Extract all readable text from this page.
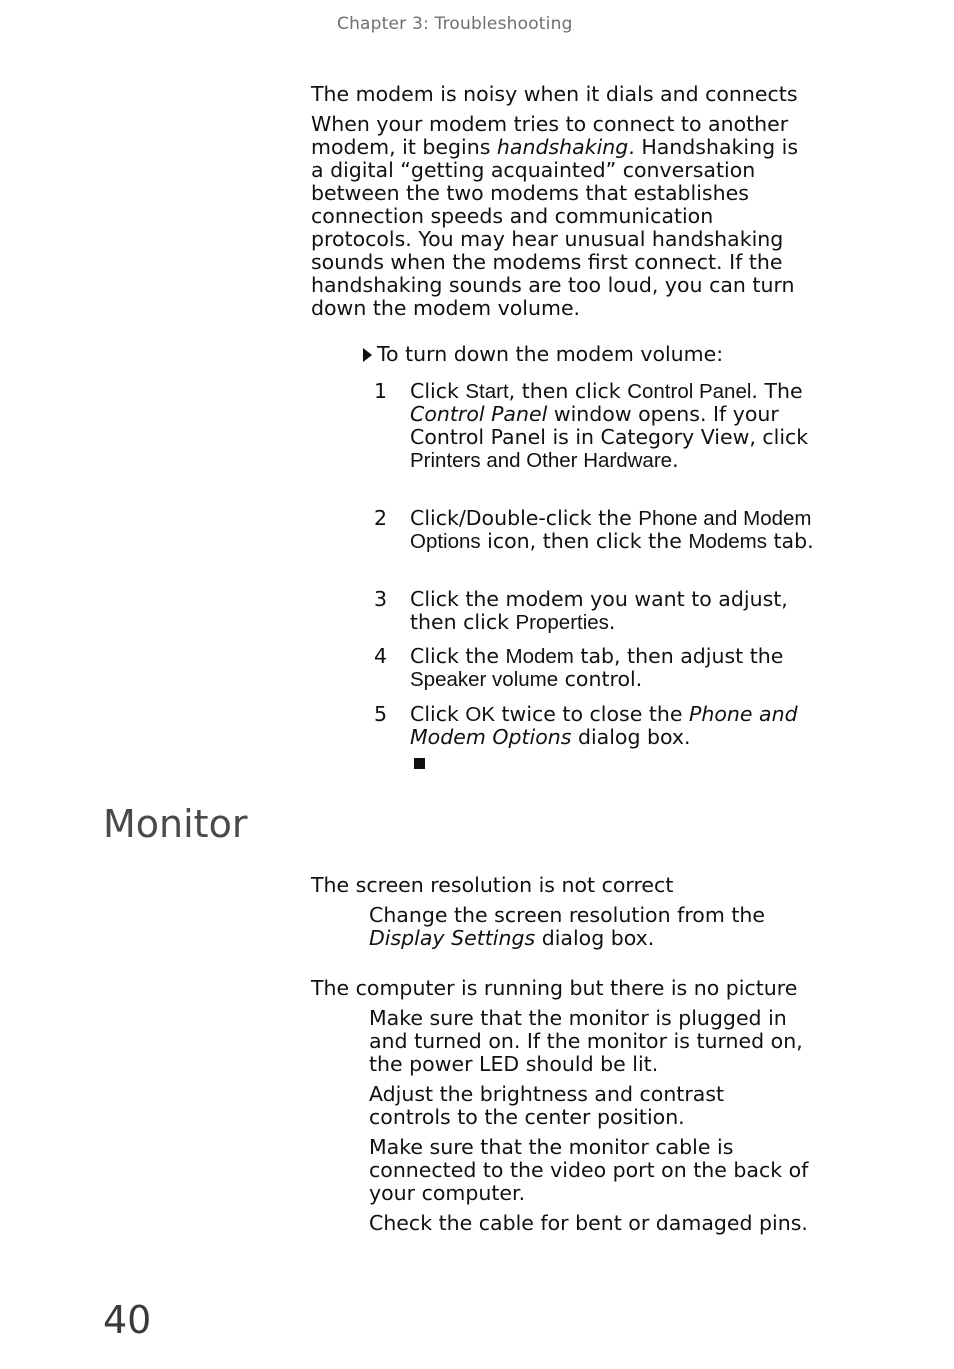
Chapter 3: Troubleshooting
The modem is noisy when it dials and connects
When your modem tries to connect to another modem, it begins handshaking. Handshaking is a digital “getting acquainted” conversation between the two modems that establishes connection speeds and communication protocols. You may hear unusual handshaking sounds when the modems first connect. If the handshaking sounds are too loud, you can turn down the modem volume.
To turn down the modem volume:
1 Click Start, then click Control Panel. The Control Panel window opens. If your Control Panel is in Category View, click Printers and Other Hardware.
2 Click/Double-click the Phone and Modem Options icon, then click the Modems tab.
3 Click the modem you want to adjust, then click Properties.
4 Click the Modem tab, then adjust the Speaker volume control.
5 Click OK twice to close the Phone and Modem Options dialog box.
Monitor
The screen resolution is not correct
Change the screen resolution from the Display Settings dialog box.
The computer is running but there is no picture
Make sure that the monitor is plugged in and turned on. If the monitor is turned on, the power LED should be lit.
Adjust the brightness and contrast controls to the center position.
Make sure that the monitor cable is connected to the video port on the back of your computer.
Check the cable for bent or damaged pins.
40
